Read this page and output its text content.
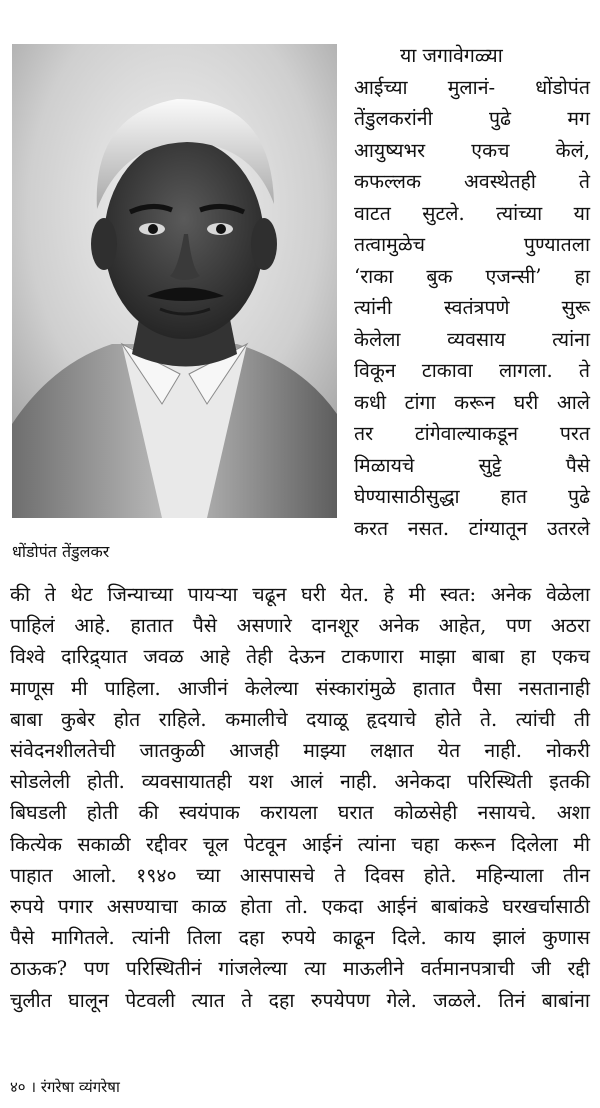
धोंडोपंत तेंडुलकर
या जगावेगळ्या
आईच्या मुलानं- धोंडोपंत
तेंडुलकरांनी पुढे मग
आयुष्यभर एकच केलं,
कफल्लक अवस्थेतही ते
वाटत सुटले. त्यांच्या या
तत्वामुळेच पुण्यातला
‘राका बुक एजन्सी’ हा
त्यांनी स्वतंत्रपणे सुरू
केलेला व्यवसाय त्यांना
विकून टाकावा लागला. ते
कधी टांगा करून घरी आले
तर टांगेवाल्याकडून परत
मिळायचे सुट्टे पैसे
घेण्यासाठीसुद्धा हात पुढे
करत नसत. टांग्यातून उतरले
की ते थेट जिन्याच्या पायऱ्या चढून घरी येत. हे मी स्वत: अनेक वेळेला
पाहिलं आहे. हातात पैसे असणारे दानशूर अनेक आहेत, पण अठरा
विश्वे दारिद्र्यात जवळ आहे तेही देऊन टाकणारा माझा बाबा हा एकच
माणूस मी पाहिला. आजीनं केलेल्या संस्कारांमुळे हातात पैसा नसतानाही
बाबा कुबेर होत राहिले. कमालीचे दयाळू हृदयाचे होते ते. त्यांची ती
संवेदनशीलतेची जातकुळी आजही माझ्या लक्षात येत नाही. नोकरी
सोडलेली होती. व्यवसायातही यश आलं नाही. अनेकदा परिस्थिती इतकी
बिघडली होती की स्वयंपाक करायला घरात कोळसेही नसायचे. अशा
कित्येक सकाळी रद्दीवर चूल पेटवून आईनं त्यांना चहा करून दिलेला मी
पाहात आलो. १९४० च्या आसपासचे ते दिवस होते. महिन्याला तीन
रुपये पगार असण्याचा काळ होता तो. एकदा आईनं बाबांकडे घरखर्चासाठी
पैसे मागितले. त्यांनी तिला दहा रुपये काढून दिले. काय झालं कुणास
ठाऊक? पण परिस्थितीनं गांजलेल्या त्या माऊलीने वर्तमानपत्राची जी रद्दी
चुलीत घालून पेटवली त्यात ते दहा रुपयेपण गेले. जळले. तिनं बाबांना
४० । रंगरेषा व्यंगरेषा
